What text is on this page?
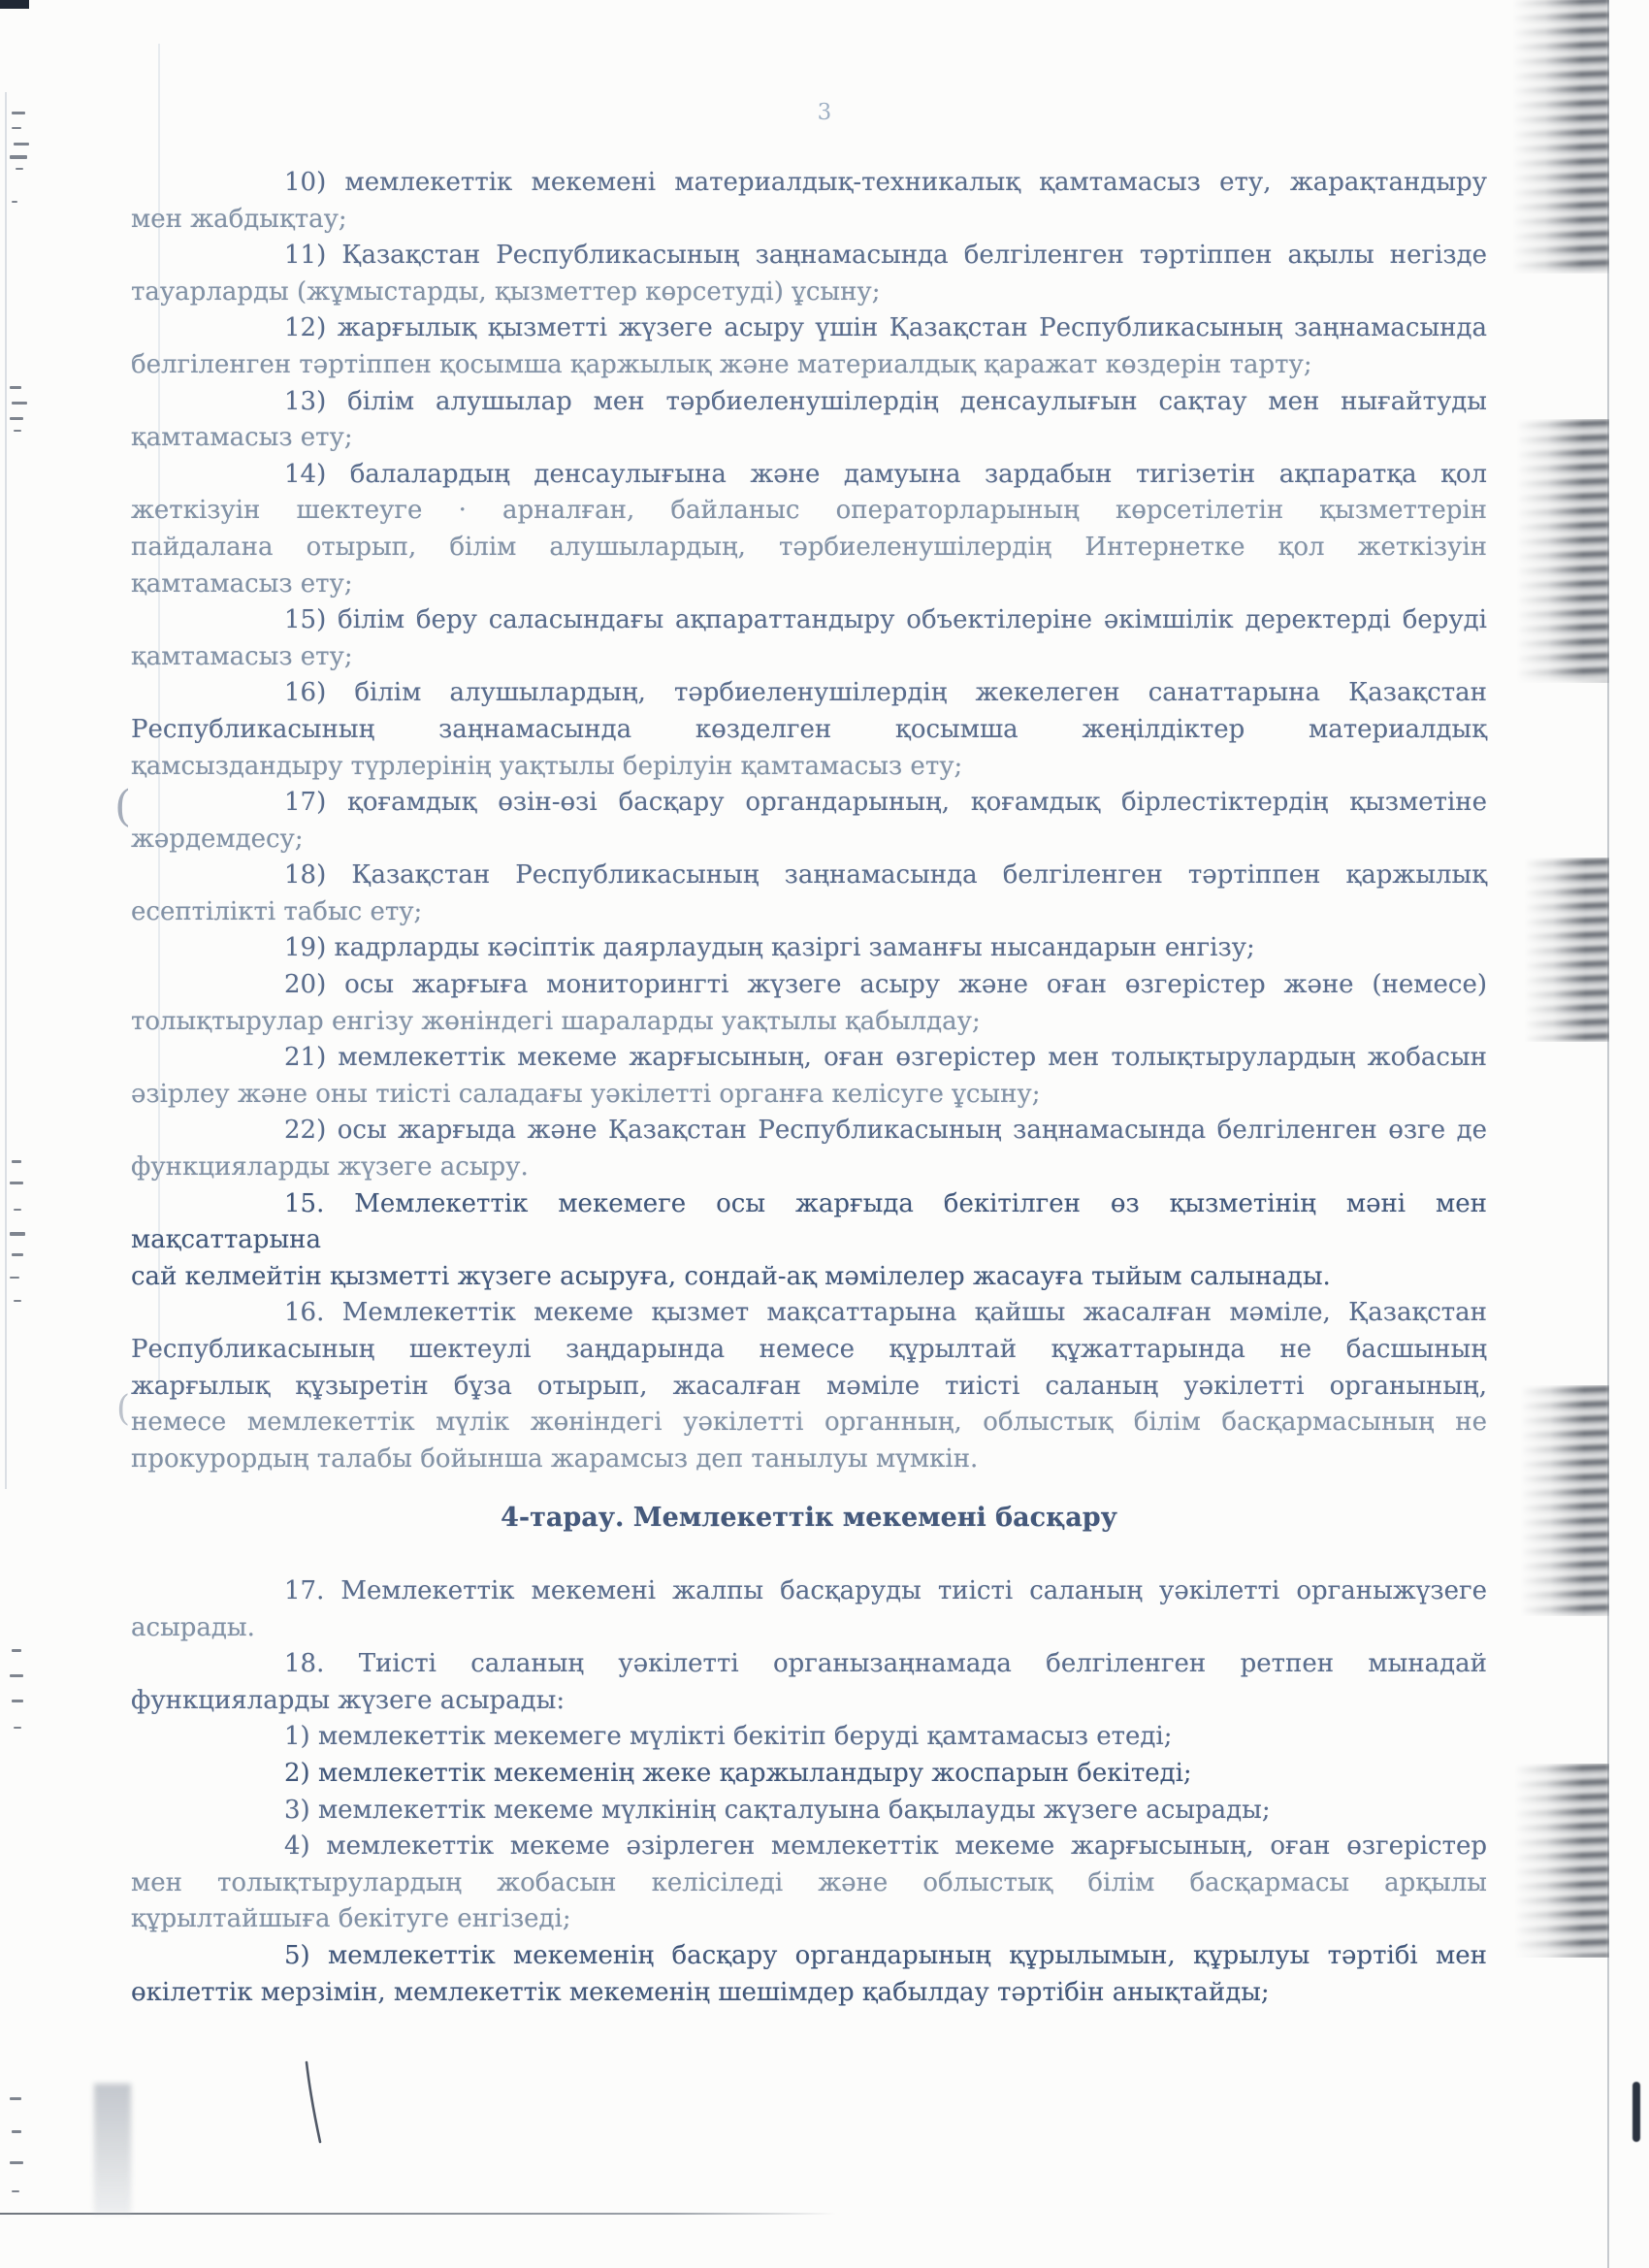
(
(
3
10) мемлекеттік мекемені материалдық-техникалық қамтамасыз ету, жарақтандыру
мен жабдықтау;
11) Қазақстан Республикасының заңнамасында белгіленген тәртіппен ақылы негізде
тауарларды (жұмыстарды, қызметтер көрсетуді) ұсыну;
12) жарғылық қызметті жүзеге асыру үшін Қазақстан Республикасының заңнамасында
белгіленген тәртіппен қосымша қаржылық және материалдық қаражат көздерін тарту;
13) білім алушылар мен тәрбиеленушілердің денсаулығын сақтау мен нығайтуды
қамтамасыз ету;
14) балалардың денсаулығына және дамуына зардабын тигізетін ақпаратқа қол
жеткізуін шектеуге · арналған, байланыс операторларының көрсетілетін қызметтерін
пайдалана отырып, білім алушылардың, тәрбиеленушілердің Интернетке қол жеткізуін
қамтамасыз ету;
15) білім беру саласындағы ақпараттандыру объектілеріне әкімшілік деректерді беруді
қамтамасыз ету;
16) білім алушылардың, тәрбиеленушілердің жекелеген санаттарына Қазақстан
Республикасының заңнамасында көзделген қосымша жеңілдіктер материалдық
қамсыздандыру түрлерінің уақтылы берілуін қамтамасыз ету;
17) қоғамдық өзін-өзі басқару органдарының, қоғамдық бірлестіктердің қызметіне
жәрдемдесу;
18) Қазақстан Республикасының заңнамасында белгіленген тәртіппен қаржылық
есептілікті табыс ету;
19) кадрларды кәсіптік даярлаудың қазіргі заманғы нысандарын енгізу;
20) осы жарғыға мониторингті жүзеге асыру және оған өзгерістер және (немесе)
толықтырулар енгізу жөніндегі шараларды уақтылы қабылдау;
21) мемлекеттік мекеме жарғысының, оған өзгерістер мен толықтырулардың жобасын
әзірлеу және оны тиісті саладағы уәкілетті органға келісуге ұсыну;
22) осы жарғыда және Қазақстан Республикасының заңнамасында белгіленген өзге де
функцияларды жүзеге асыру.
15. Мемлекеттік мекемеге осы жарғыда бекітілген өз қызметінің мәні мен мақсаттарына
сай келмейтін қызметті жүзеге асыруға, сондай-ақ мәмілелер жасауға тыйым салынады.
16. Мемлекеттік мекеме қызмет мақсаттарына қайшы жасалған мәміле, Қазақстан
Республикасының шектеулі заңдарында немесе құрылтай құжаттарында не басшының
жарғылық құзыретін бұза отырып, жасалған мәміле тиісті саланың уәкілетті органының,
немесе мемлекеттік мүлік жөніндегі уәкілетті органның, облыстық білім басқармасының не
прокурордың талабы бойынша жарамсыз деп танылуы мүмкін.
4-тарау. Мемлекеттік мекемені басқару
17. Мемлекеттік мекемені жалпы басқаруды тиісті саланың уәкілетті органыжүзеге
асырады.
18. Тиісті саланың уәкілетті органызаңнамада белгіленген ретпен мынадай
функцияларды жүзеге асырады:
1) мемлекеттік мекемеге мүлікті бекітіп беруді қамтамасыз етеді;
2) мемлекеттік мекеменің жеке қаржыландыру жоспарын бекітеді;
3) мемлекеттік мекеме мүлкінің сақталуына бақылауды жүзеге асырады;
4) мемлекеттік мекеме әзірлеген мемлекеттік мекеме жарғысының, оған өзгерістер
мен толықтырулардың жобасын келісіледі және облыстық білім басқармасы арқылы
құрылтайшыға бекітуге енгізеді;
5) мемлекеттік мекеменің басқару органдарының құрылымын, құрылуы тәртібі мен
өкілеттік мерзімін, мемлекеттік мекеменің шешімдер қабылдау тәртібін анықтайды;
